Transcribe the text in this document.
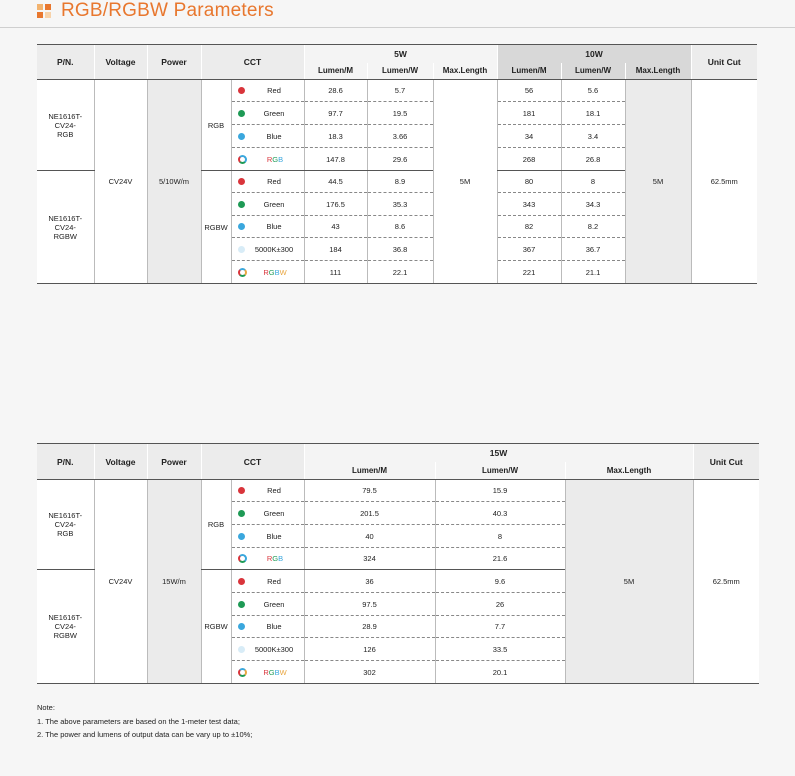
RGB/RGBW Parameters
P/N.	Voltage	Power	CCT		5W			10W			Unit Cut
					Lumen/M	Lumen/W	Max.Length	Lumen/M	Lumen/W	Max.Length	

NE1616T-
CV24-
RGB	CV24V	5/10W/m	RGB	Red	28.6	5.7	5M	56	5.6	5M	62.5mm

				Green	97.7	19.5		181	18.1		

				Blue	18.3	3.66		34	3.4		

				RGB	147.8	29.6		268	26.8		

NE1616T-
CV24-
RGBW			RGBW	Red	44.5	8.9		80	8		

				Green	176.5	35.3		343	34.3		

				Blue	43	8.6		82	8.2		

				5000K±300	184	36.8		367	36.7		

				RGBW	111	22.1		221	21.1		
P/N.	Voltage	Power	CCT		15W			Unit Cut
					Lumen/M	Lumen/W	Max.Length	

NE1616T-
CV24-
RGB	CV24V	15W/m	RGB	Red	79.5	15.9	5M	62.5mm

				Green	201.5	40.3		

				Blue	40	8		

				RGB	324	21.6		

NE1616T-
CV24-
RGBW			RGBW	Red	36	9.6		

				Green	97.5	26		

				Blue	28.9	7.7		

				5000K±300	126	33.5		

				RGBW	302	20.1		
Note:
1. The above parameters are based on the 1-meter test data;
2. The power and lumens of output data can be vary up to ±10%;
